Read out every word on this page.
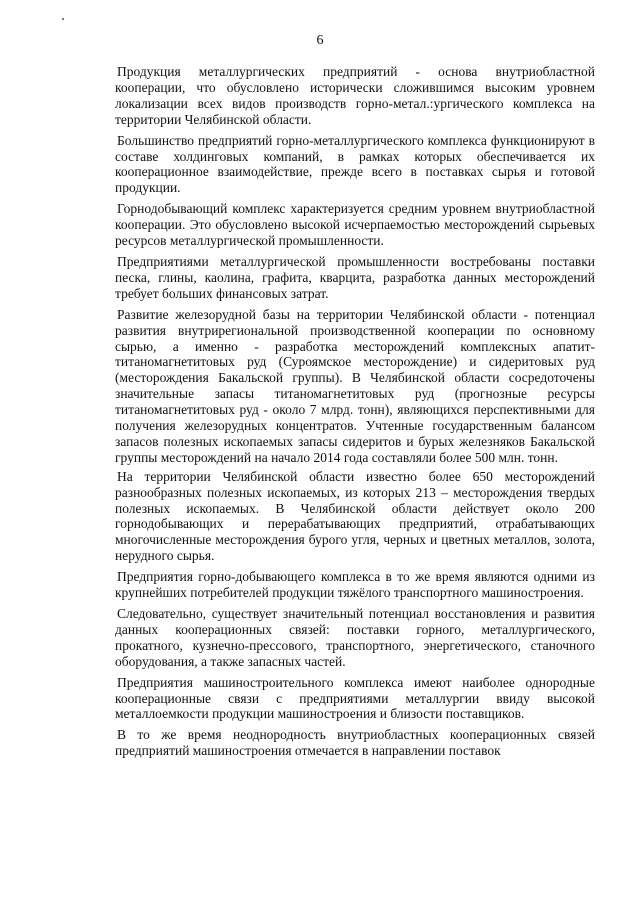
6

Продукция металлургических предприятий - основа внутриобластной кооперации, что обусловлено исторически сложившимся высоким уровнем локализации всех видов производств горно-метал.:ургического комплекса на территории Челябинской области.

Большинство предприятий горно-металлургического комплекса функционируют в составе холдинговых компаний, в рамках которых обеспечивается их кооперационное взаимодействие, прежде всего в поставках сырья и готовой продукции.

Горнодобывающий комплекс характеризуется средним уровнем внутриобластной кооперации. Это обусловлено высокой исчерпаемостью месторождений сырьевых ресурсов металлургической промышленности.

Предприятиями металлургической промышленности востребованы поставки песка, глины, каолина, графита, кварцита, разработка данных месторождений требует больших финансовых затрат.

Развитие железорудной базы на территории Челябинской области - потенциал развития внутрирегиональной производственной кооперации по основному сырью, а именно - разработка месторождений комплексных апатит-титаномагнетитовых руд (Суроямское месторождение) и сидеритовых руд (месторождения Бакальской группы). В Челябинской области сосредоточены значительные запасы титаномагнетитовых руд (прогнозные ресурсы титаномагнетитовых руд - около 7 млрд. тонн), являющихся перспективными для получения железорудных концентратов. Учтенные государственным балансом запасов полезных ископаемых запасы сидеритов и бурых железняков Бакальской группы месторождений на начало 2014 года составляли более 500 млн. тонн.

На территории Челябинской области известно более 650 месторождений разнообразных полезных ископаемых, из которых 213 – месторождения твердых полезных ископаемых. В Челябинской области действует около 200 горнодобывающих и перерабатывающих предприятий, отрабатывающих многочисленные месторождения бурого угля, черных и цветных металлов, золота, нерудного сырья.

Предприятия горно-добывающего комплекса в то же время являются одними из крупнейших потребителей продукции тяжёлого транспортного машиностроения.

Следовательно, существует значительный потенциал восстановления и развития данных кооперационных связей: поставки горного, металлургического, прокатного, кузнечно-прессового, транспортного, энергетического, станочного оборудования, а также запасных частей.

Предприятия машиностроительного комплекса имеют наиболее однородные кооперационные связи с предприятиями металлургии ввиду высокой металлоемкости продукции машиностроения и близости поставщиков.

В то же время неоднородность внутриобластных кооперационных связей предприятий машиностроения отмечается в направлении поставок
